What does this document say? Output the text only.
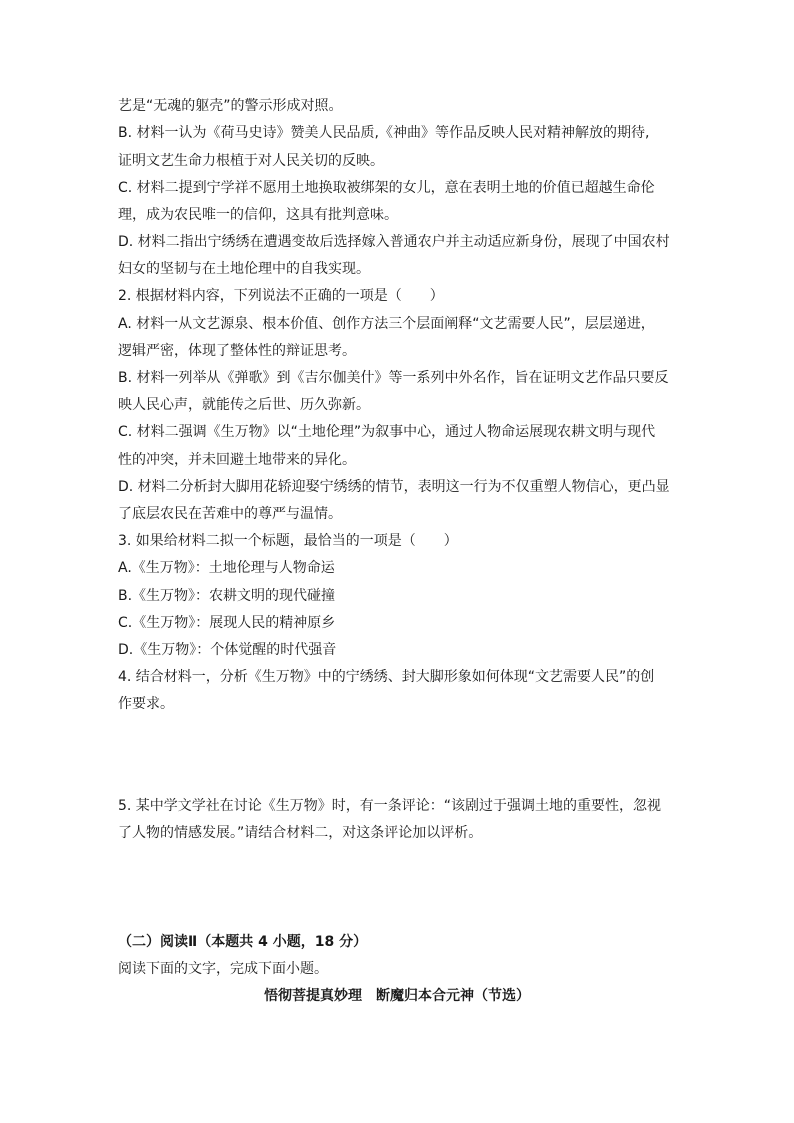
艺是“无魂的躯壳”的警示形成对照。
B. 材料一认为《荷马史诗》赞美人民品质,《神曲》等作品反映人民对精神解放的期待,
证明文艺生命力根植于对人民关切的反映。
C. 材料二提到宁学祥不愿用土地换取被绑架的女儿，意在表明土地的价值已超越生命伦
理，成为农民唯一的信仰，这具有批判意味。
D. 材料二指出宁绣绣在遭遇变故后选择嫁入普通农户并主动适应新身份，展现了中国农村
妇女的坚韧与在土地伦理中的自我实现。
2. 根据材料内容，下列说法不正确的一项是（　　）
A. 材料一从文艺源泉、根本价值、创作方法三个层面阐释“文艺需要人民”，层层递进，
逻辑严密，体现了整体性的辩证思考。
B. 材料一列举从《弹歌》到《吉尔伽美什》等一系列中外名作，旨在证明文艺作品只要反
映人民心声，就能传之后世、历久弥新。
C. 材料二强调《生万物》以“土地伦理”为叙事中心，通过人物命运展现农耕文明与现代
性的冲突，并未回避土地带来的异化。
D. 材料二分析封大脚用花轿迎娶宁绣绣的情节，表明这一行为不仅重塑人物信心，更凸显
了底层农民在苦难中的尊严与温情。
3. 如果给材料二拟一个标题，最恰当的一项是（　　）
A.《生万物》：土地伦理与人物命运
B.《生万物》：农耕文明的现代碰撞
C.《生万物》：展现人民的精神原乡
D.《生万物》：个体觉醒的时代强音
4. 结合材料一，分析《生万物》中的宁绣绣、封大脚形象如何体现“文艺需要人民”的创
作要求。
5. 某中学文学社在讨论《生万物》时，有一条评论：“该剧过于强调土地的重要性，忽视
了人物的情感发展。”请结合材料二，对这条评论加以评析。
（二）阅读Ⅱ（本题共 4 小题，18 分）
阅读下面的文字，完成下面小题。
悟彻菩提真妙理　断魔归本合元神（节选）
